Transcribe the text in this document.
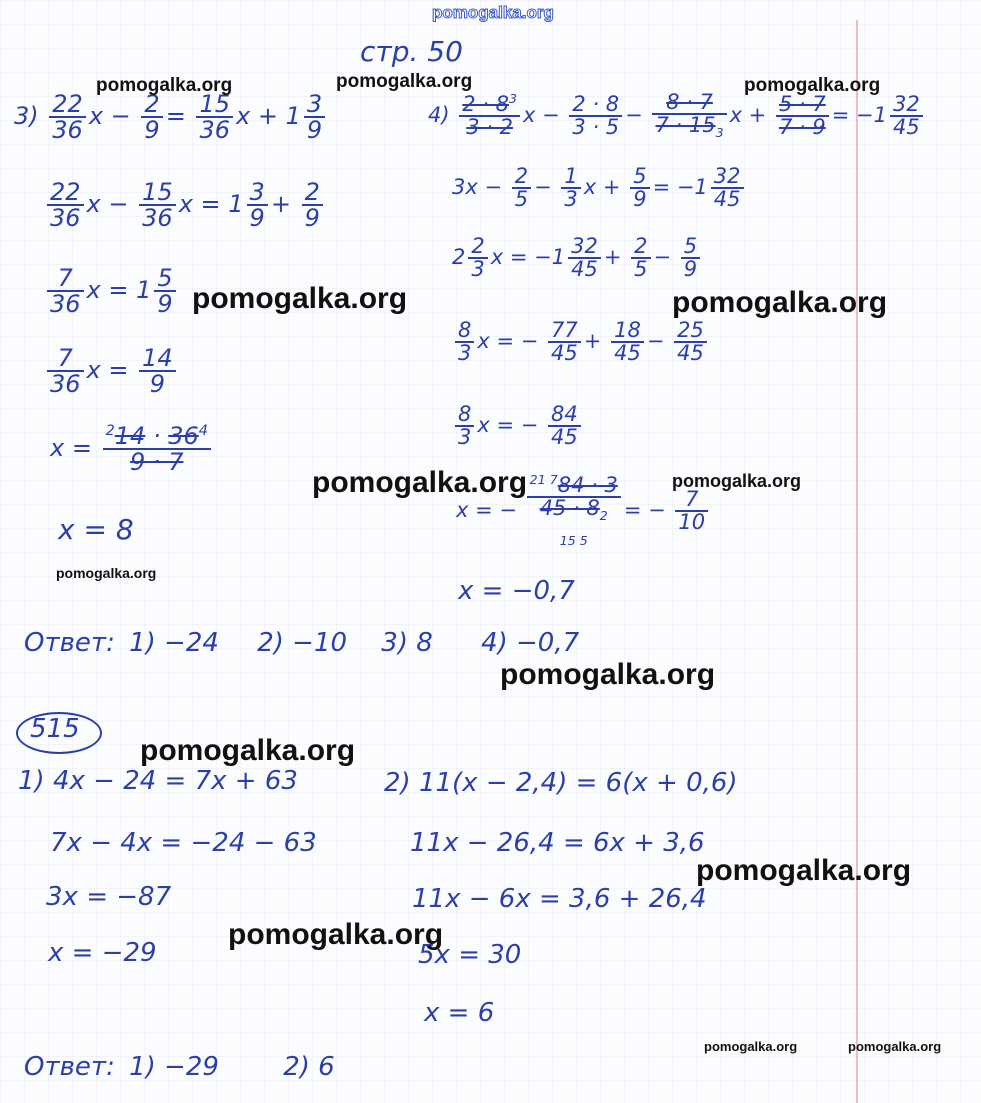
pomogalka.org
стр. 50
$3) \frac{22}{36}$ $x - \frac{2}{9} = \frac{15}{36}$ $x + 1 \frac{3}{9}$
$\frac{22}{36}$ $x - \frac{15}{36}$ $x = 1 \frac{3}{9} + \frac{2}{9}$
$\frac{7}{36}$ $x = 1 \frac{5}{9}$
$\frac{7}{36}$ $x = \frac{14}{9}$
$x = \frac{^214 \cdot 36^4}{9 \cdot 7}$
x = 8
$4) \frac{2 \cdot 8^3}{3 \cdot 2}$ $x - \frac{2 \cdot 8}{3 \cdot 5} - \frac{8 \cdot 7}{7 \cdot 15_3}$ $x + \frac{5 \cdot 7}{7 \cdot 9} = -1 \frac{32}{45}$
$3x - \frac{2}{5} - \frac{1}{3}$ $x + \frac{5}{9} = -1 \frac{32}{45}$
$2 \frac{2}{3}$ $x = -1 \frac{32}{45} + \frac{2}{5} - \frac{5}{9}$
$\frac{8}{3}$ x = − $\frac{77}{45} + \frac{18}{45} - \frac{25}{45}$
$\frac{8}{3}$ x = − $\frac{84}{45}$
x = −
$^{21 7}$84 · 3
$45 \cdot 8_2$
$_{15 5}$
= − $\frac{7}{10}$
x = −0,7
Ответ: 1) −24 2) −10 3) 8 4) −0,7
515
1) 4x − 24 = 7x + 63
7x − 4x = −24 − 63
3x = −87
x = −29
2) 11(x − 2,4) = 6(x + 0,6)
11x − 26,4 = 6x + 3,6
11x − 6x = 3,6 + 26,4
5x = 30
x = 6
Ответ: 1) −29 2) 6
pomogalka.org	pomogalka.org	pomogalka.org
pomogalka.org	pomogalka.org
pomogalka.org	pomogalka.org
pomogalka.org
pomogalka.org
pomogalka.org
pomogalka.org
pomogalka.org
pomogalka.org	pomogalka.org
